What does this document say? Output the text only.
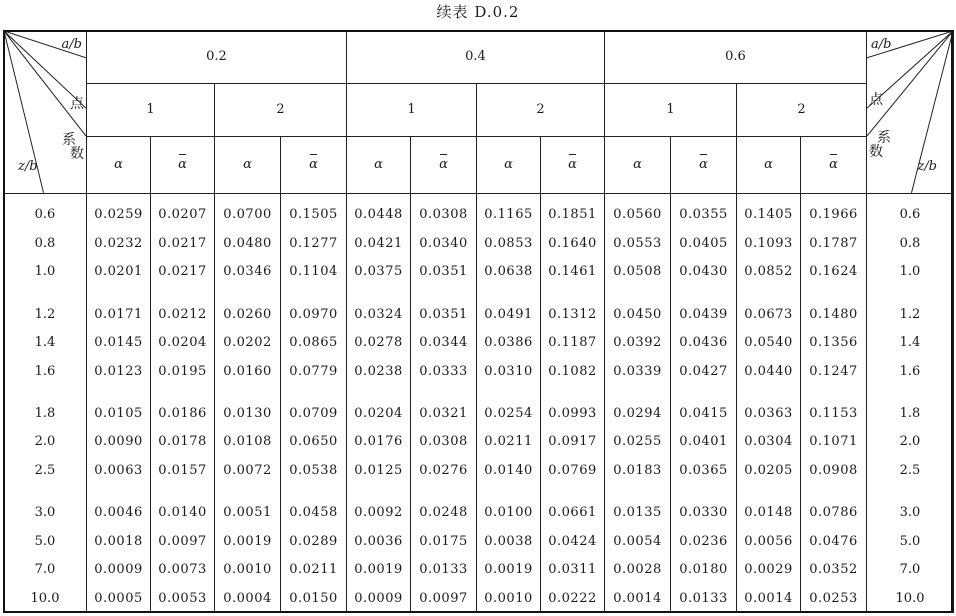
续表 D.0.2
a/b
点
系
数
z/b	0.2				0.4				0.6				a/b
点
系
数
z/b

	1		2		1		2		1		2		
	α	α	α	α	α	α	α	α	α	α	α	α	
0.6	0.0259	0.0207	0.0700	0.1505	0.0448	0.0308	0.1165	0.1851	0.0560	0.0355	0.1405	0.1966	0.6
0.8	0.0232	0.0217	0.0480	0.1277	0.0421	0.0340	0.0853	0.1640	0.0553	0.0405	0.1093	0.1787	0.8
1.0	0.0201	0.0217	0.0346	0.1104	0.0375	0.0351	0.0638	0.1461	0.0508	0.0430	0.0852	0.1624	1.0
1.2	0.0171	0.0212	0.0260	0.0970	0.0324	0.0351	0.0491	0.1312	0.0450	0.0439	0.0673	0.1480	1.2
1.4	0.0145	0.0204	0.0202	0.0865	0.0278	0.0344	0.0386	0.1187	0.0392	0.0436	0.0540	0.1356	1.4
1.6	0.0123	0.0195	0.0160	0.0779	0.0238	0.0333	0.0310	0.1082	0.0339	0.0427	0.0440	0.1247	1.6
1.8	0.0105	0.0186	0.0130	0.0709	0.0204	0.0321	0.0254	0.0993	0.0294	0.0415	0.0363	0.1153	1.8
2.0	0.0090	0.0178	0.0108	0.0650	0.0176	0.0308	0.0211	0.0917	0.0255	0.0401	0.0304	0.1071	2.0
2.5	0.0063	0.0157	0.0072	0.0538	0.0125	0.0276	0.0140	0.0769	0.0183	0.0365	0.0205	0.0908	2.5
3.0	0.0046	0.0140	0.0051	0.0458	0.0092	0.0248	0.0100	0.0661	0.0135	0.0330	0.0148	0.0786	3.0
5.0	0.0018	0.0097	0.0019	0.0289	0.0036	0.0175	0.0038	0.0424	0.0054	0.0236	0.0056	0.0476	5.0
7.0	0.0009	0.0073	0.0010	0.0211	0.0019	0.0133	0.0019	0.0311	0.0028	0.0180	0.0029	0.0352	7.0
10.0	0.0005	0.0053	0.0004	0.0150	0.0009	0.0097	0.0010	0.0222	0.0014	0.0133	0.0014	0.0253	10.0
